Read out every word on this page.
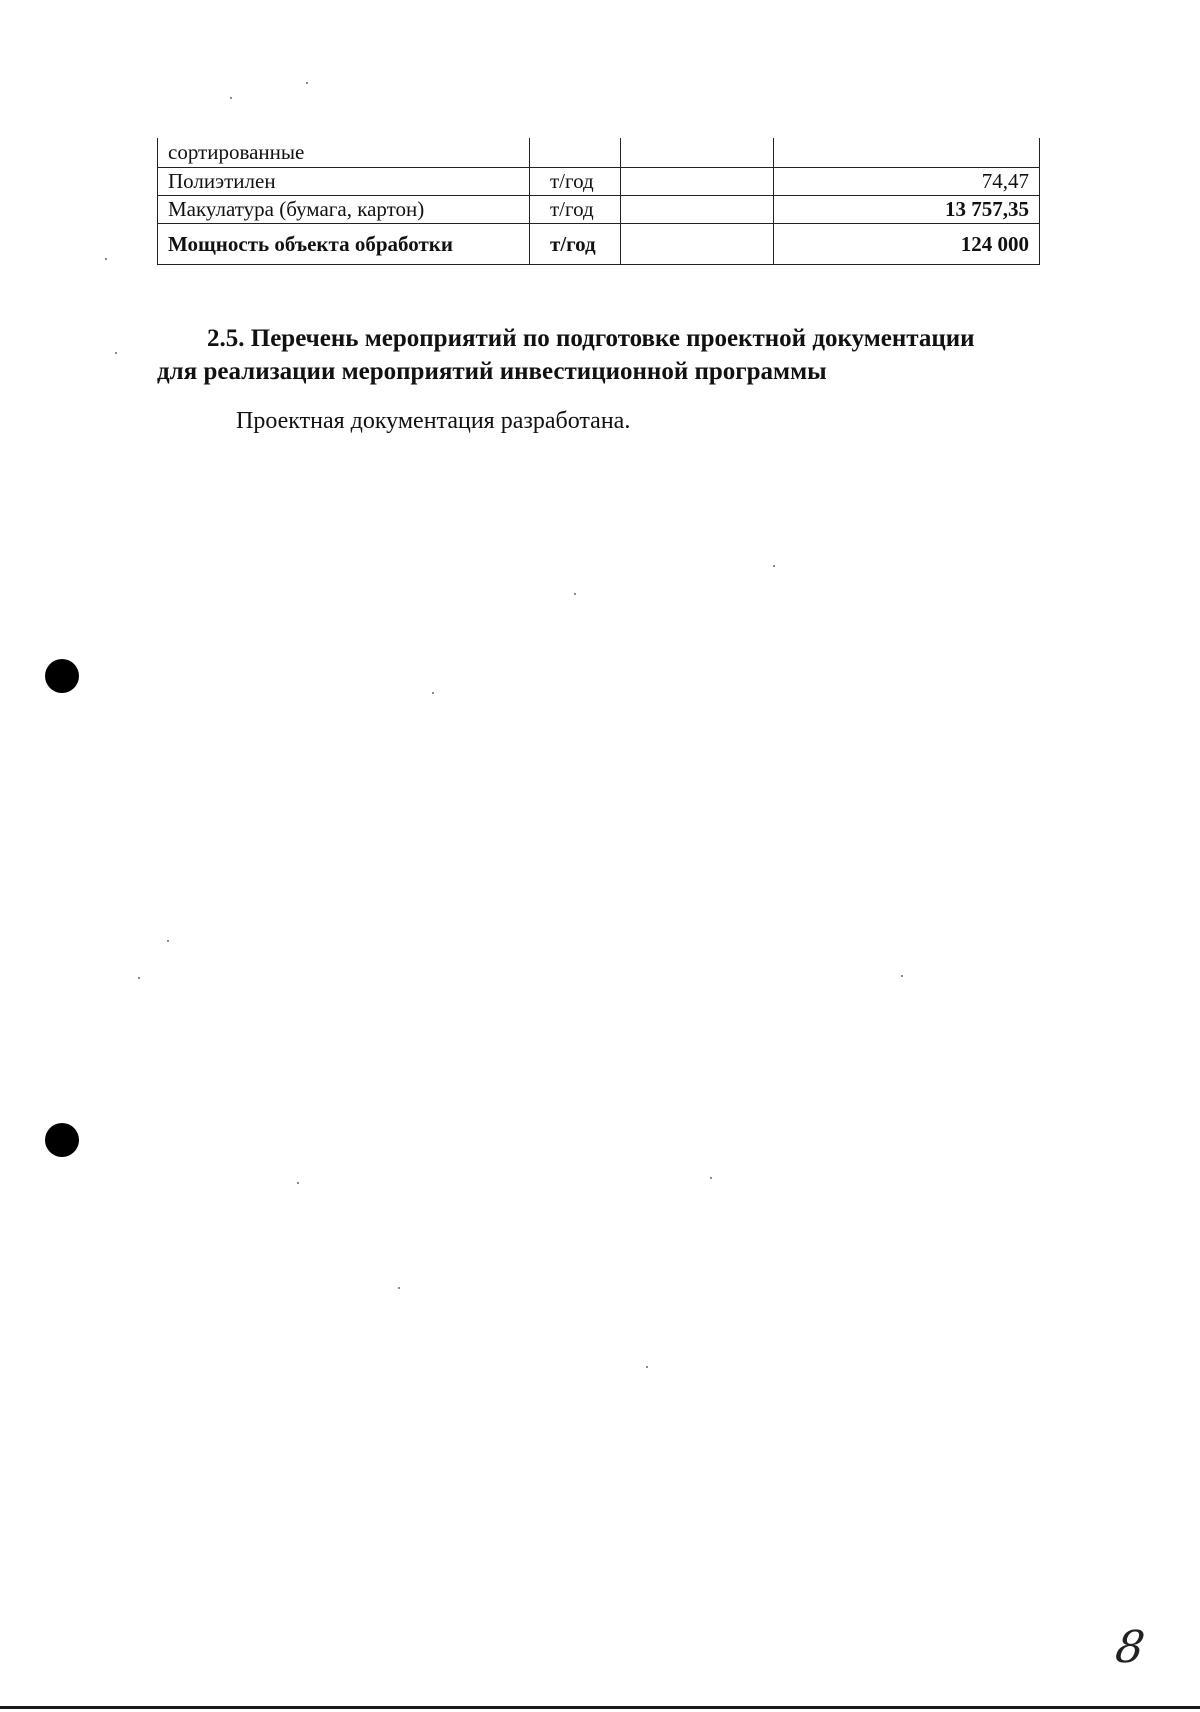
сортированные			
Полиэтилен	т/год		74,47
Макулатура (бумага, картон)	т/год		13 757,35
Мощность объекта обработки	т/год		124 000
2.5. Перечень мероприятий по подготовке проектной документации
для реализации мероприятий инвестиционной программы

Проектная документация разработана.

8
